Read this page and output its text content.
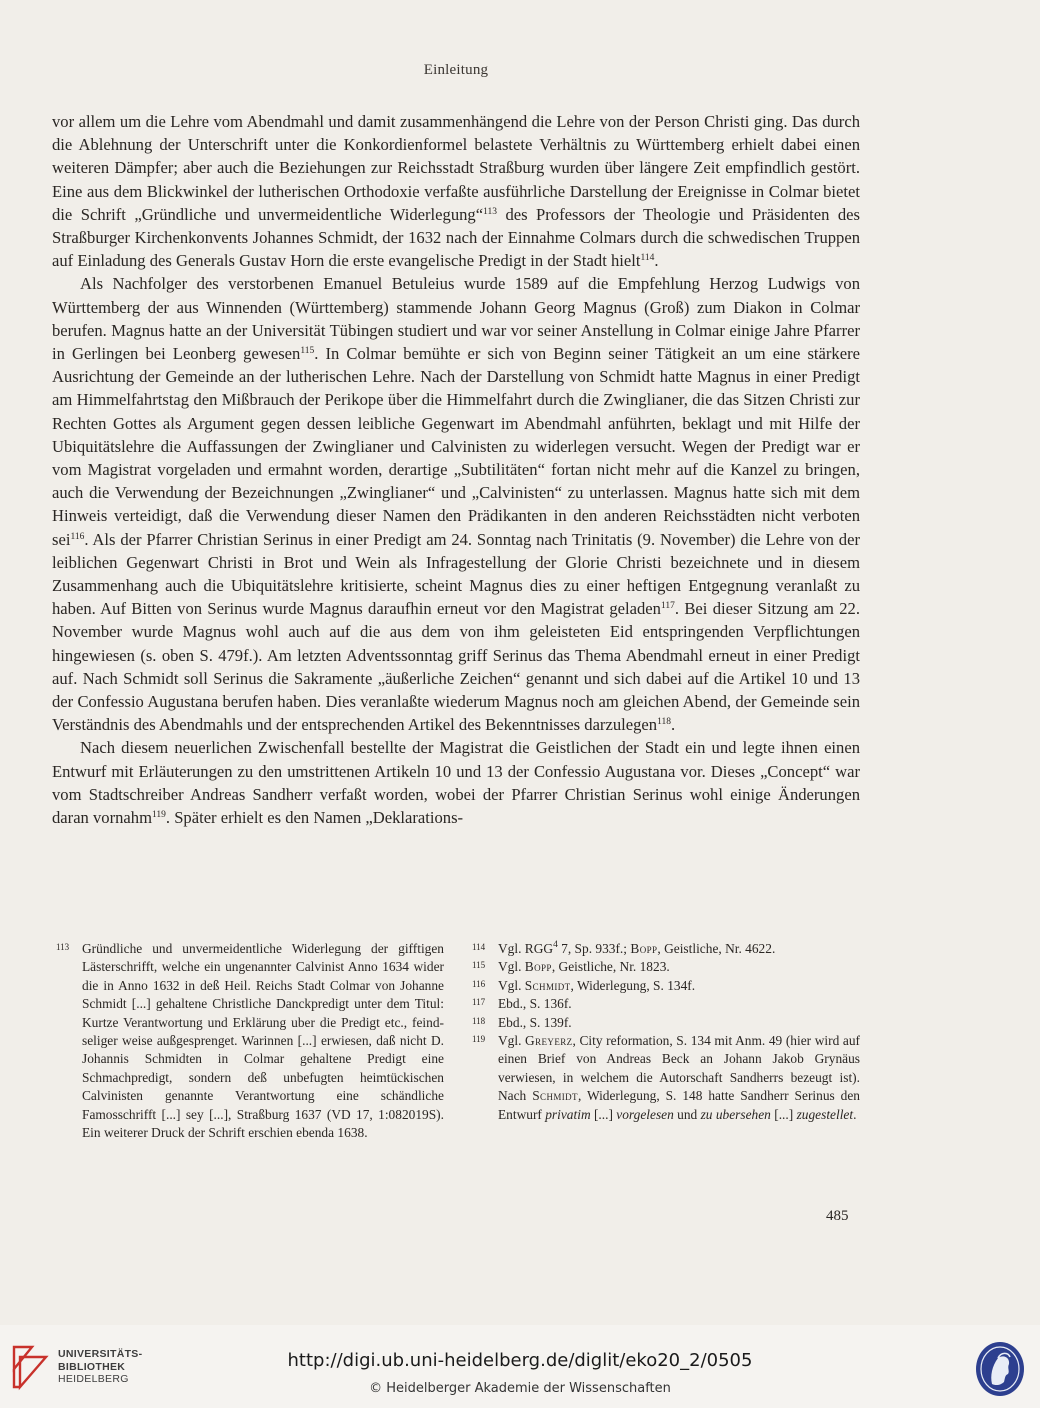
Einleitung

vor allem um die Lehre vom Abendmahl und damit zusammenhängend die Lehre von der Person Christi ging. Das durch die Ablehnung der Unterschrift unter die Konkordienformel belastete Verhältnis zu Württemberg erhielt dabei einen weiteren Dämpfer; aber auch die Beziehungen zur Reichsstadt Straßburg wurden über längere Zeit empfindlich gestört. Eine aus dem Blickwinkel der lutherischen Orthodoxie verfaßte ausführliche Darstellung der Ereignisse in Colmar bietet die Schrift „Gründliche und unvermeidentliche Widerlegung“$^{113}$ des Professors der Theologie und Präsidenten des Straßburger Kirchenkonvents Johannes Schmidt, der 1632 nach der Einnahme Colmars durch die schwedischen Truppen auf Einladung des Generals Gustav Horn die erste evangelische Predigt in der Stadt hielt$^{114}$.

Als Nachfolger des verstorbenen Emanuel Betuleius wurde 1589 auf die Empfehlung Herzog Ludwigs von Württemberg der aus Winnenden (Württemberg) stammende Johann Georg Magnus (Groß) zum Diakon in Colmar berufen. Magnus hatte an der Universität Tübingen studiert und war vor seiner Anstellung in Colmar einige Jahre Pfarrer in Gerlingen bei Leonberg gewesen$^{115}$. In Colmar bemühte er sich von Beginn seiner Tätigkeit an um eine stärkere Ausrichtung der Gemeinde an der lutherischen Lehre. Nach der Darstellung von Schmidt hatte Magnus in einer Predigt am Himmelfahrtstag den Mißbrauch der Perikope über die Himmelfahrt durch die Zwinglianer, die das Sitzen Christi zur Rechten Gottes als Argument gegen dessen leibliche Gegenwart im Abendmahl anführten, beklagt und mit Hilfe der Ubiquitätslehre die Auffassungen der Zwinglianer und Calvinisten zu widerlegen versucht. Wegen der Predigt war er vom Magistrat vorgeladen und ermahnt worden, derartige „Subtilitäten“ fortan nicht mehr auf die Kanzel zu bringen, auch die Verwendung der Bezeichnungen „Zwinglianer“ und „Calvinisten“ zu unterlassen. Magnus hatte sich mit dem Hinweis verteidigt, daß die Verwendung dieser Namen den Prädikanten in den anderen Reichsstädten nicht verboten sei$^{116}$. Als der Pfarrer Christian Serinus in einer Predigt am 24. Sonntag nach Trinitatis (9. November) die Lehre von der leiblichen Gegenwart Christi in Brot und Wein als Infragestellung der Glorie Christi bezeichnete und in diesem Zusammenhang auch die Ubiquitätslehre kritisierte, scheint Magnus dies zu einer heftigen Entgegnung veranlaßt zu haben. Auf Bitten von Serinus wurde Magnus daraufhin erneut vor den Magistrat geladen$^{117}$. Bei dieser Sitzung am 22. November wurde Magnus wohl auch auf die aus dem von ihm geleisteten Eid entspringenden Verpflichtungen hingewiesen (s. oben S. 479f.). Am letzten Adventssonntag griff Serinus das Thema Abendmahl erneut in einer Predigt auf. Nach Schmidt soll Serinus die Sakramente „äußerliche Zeichen“ genannt und sich dabei auf die Artikel 10 und 13 der Confessio Augustana berufen haben. Dies veranlaßte wiederum Magnus noch am gleichen Abend, der Gemeinde sein Verständnis des Abendmahls und der entsprechenden Artikel des Bekenntnisses darzulegen$^{118}$.

Nach diesem neuerlichen Zwischenfall bestellte der Magistrat die Geistlichen der Stadt ein und legte ihnen einen Entwurf mit Erläuterungen zu den umstrittenen Artikeln 10 und 13 der Confessio Augustana vor. Dieses „Concept“ war vom Stadtschreiber Andreas Sandherr verfaßt worden, wobei der Pfarrer Christian Serinus wohl einige Änderungen daran vornahm$^{119}$. Später erhielt es den Namen „Deklarations-

113 Gründliche und unvermeidentliche Widerlegung der gifftigen Lästerschrifft, welche ein ungenannter Calvinist Anno 1634 wider die in Anno 1632 in deß Heil. Reichs Stadt Colmar von Johanne Schmidt [...] gehaltene Christliche Danckpredigt unter dem Titul: Kurtze Verantwortung und Erklärung uber die Predigt etc., feindseliger weise außgesprenget. Warinnen [...] erwiesen, daß nicht D. Johannis Schmidten in Colmar gehaltene Predigt eine Schmachpredigt, sondern deß unbefugten heimtückischen Calvinisten genannte Verantwortung eine schändliche Famosschrifft [...] sey [...], Straßburg 1637 (VD 17, 1:082019S). Ein weiterer Druck der Schrift erschien ebenda 1638.
114 Vgl. RGG$^4$ 7, Sp. 933f.; Bopp, Geistliche, Nr. 4622.
115 Vgl. Bopp, Geistliche, Nr. 1823.
116 Vgl. Schmidt, Widerlegung, S. 134f.
117 Ebd., S. 136f.
118 Ebd., S. 139f.
119 Vgl. Greyerz, City reformation, S. 134 mit Anm. 49 (hier wird auf einen Brief von Andreas Beck an Johann Jakob Grynäus verwiesen, in welchem die Autorschaft Sandherrs bezeugt ist). Nach Schmidt, Widerlegung, S. 148 hatte Sandherr Serinus den Entwurf privatim [...] vorgelesen und zu ubersehen [...] zugestellet.
485
UNIVERSITÄTS-
BIBLIOTHEK
HEIDELBERG
http://digi.ub.uni-heidelberg.de/diglit/eko20_2/0505
© Heidelberger Akademie der Wissenschaften
